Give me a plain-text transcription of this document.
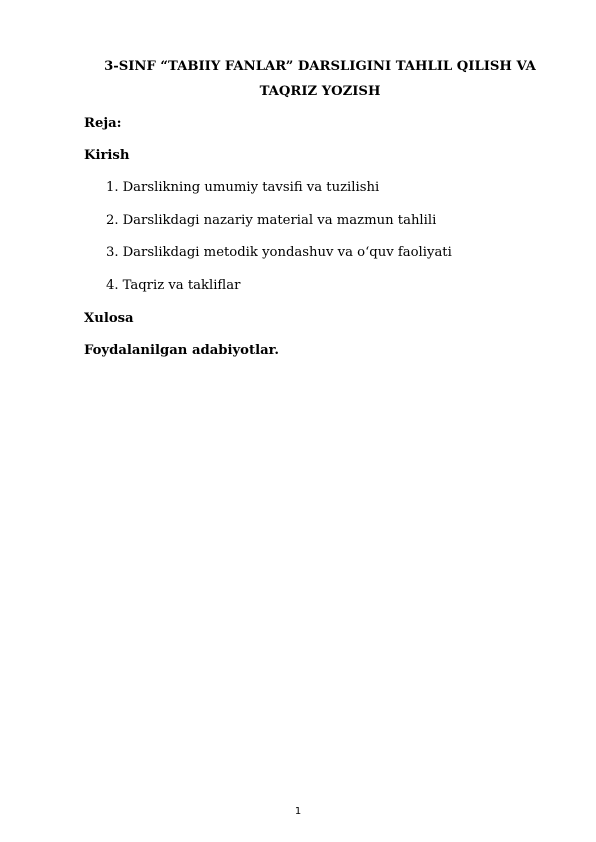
3-SINF “TABIIY FANLAR” DARSLIGINI TAHLIL QILISH VA TAQRIZ YOZISH
Reja:
Kirish
1. Darslikning umumiy tavsifi va tuzilishi
2. Darslikdagi nazariy material va mazmun tahlili
3. Darslikdagi metodik yondashuv va o‘quv faoliyati
4. Taqriz va takliflar
Xulosa
Foydalanilgan adabiyotlar.
1
